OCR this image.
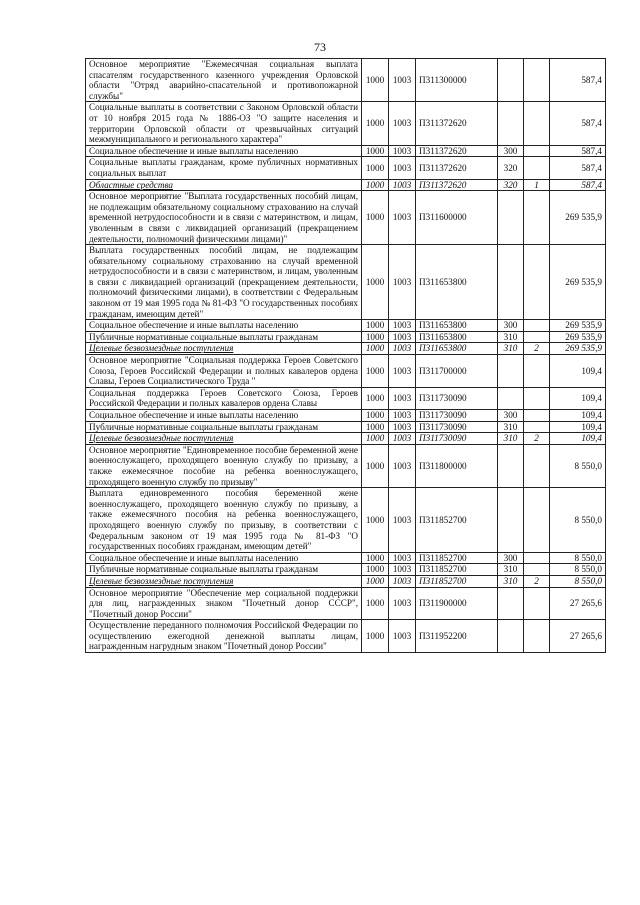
73
Основное мероприятие "Ежемесячная социальная выплата спасателям государственного казенного учреждения Орловской области "Отряд аварийно-спасательной и противопожарной службы"	1000	1003	П311300000			587,4
Социальные выплаты в соответствии с Законом Орловской области от 10 ноября 2015 года № 1886-ОЗ "О защите населения и территории Орловской области от чрезвычайных ситуаций межмуниципального и регионального характера"	1000	1003	П311372620			587,4
Социальное обеспечение и иные выплаты населению	1000	1003	П311372620	300		587,4
Социальные выплаты гражданам, кроме публичных нормативных социальных выплат	1000	1003	П311372620	320		587,4
Областные средства	1000	1003	П311372620	320	1	587,4
Основное мероприятие "Выплата государственных пособий лицам, не подлежащим обязательному социальному страхованию на случай временной нетрудоспособности и в связи с материнством, и лицам, уволенным в связи с ликвидацией организаций (прекращением деятельности, полномочий физическими лицами)"	1000	1003	П311600000			269 535,9
Выплата государственных пособий лицам, не подлежащим обязательному социальному страхованию на случай временной нетрудоспособности и в связи с материнством, и лицам, уволенным в связи с ликвидацией организаций (прекращением деятельности, полномочий физическими лицами), в соответствии с Федеральным законом от 19 мая 1995 года № 81-ФЗ "О государственных пособиях гражданам, имеющим детей"	1000	1003	П311653800			269 535,9
Социальное обеспечение и иные выплаты населению	1000	1003	П311653800	300		269 535,9
Публичные нормативные социальные выплаты гражданам	1000	1003	П311653800	310		269 535,9
Целевые безвозмездные поступления	1000	1003	П311653800	310	2	269 535,9
Основное мероприятие "Социальная поддержка Героев Советского Союза, Героев Российской Федерации и полных кавалеров ордена Славы, Героев Социалистического Труда "	1000	1003	П311700000			109,4
Социальная поддержка Героев Советского Союза, Героев Российской Федерации и полных кавалеров ордена Славы	1000	1003	П311730090			109,4
Социальное обеспечение и иные выплаты населению	1000	1003	П311730090	300		109,4
Публичные нормативные социальные выплаты гражданам	1000	1003	П311730090	310		109,4
Целевые безвозмездные поступления	1000	1003	П311730090	310	2	109,4
Основное мероприятие "Единовременное пособие беременной жене военнослужащего, проходящего военную службу по призыву, а также ежемесячное пособие на ребенка военнослужащего, проходящего военную службу по призыву"	1000	1003	П311800000			8 550,0
Выплата единовременного пособия беременной жене военнослужащего, проходящего военную службу по призыву, а также ежемесячного пособия на ребенка военнослужащего, проходящего военную службу по призыву, в соответствии с Федеральным законом от 19 мая 1995 года № 81-ФЗ "О государственных пособиях гражданам, имеющим детей"	1000	1003	П311852700			8 550,0
Социальное обеспечение и иные выплаты населению	1000	1003	П311852700	300		8 550,0
Публичные нормативные социальные выплаты гражданам	1000	1003	П311852700	310		8 550,0
Целевые безвозмездные поступления	1000	1003	П311852700	310	2	8 550,0
Основное мероприятие "Обеспечение мер социальной поддержки для лиц, награжденных знаком "Почетный донор СССР", "Почетный донор России"	1000	1003	П311900000			27 265,6
Осуществление переданного полномочия Российской Федерации по осуществлению ежегодной денежной выплаты лицам, награжденным нагрудным знаком "Почетный донор России"	1000	1003	П311952200			27 265,6
